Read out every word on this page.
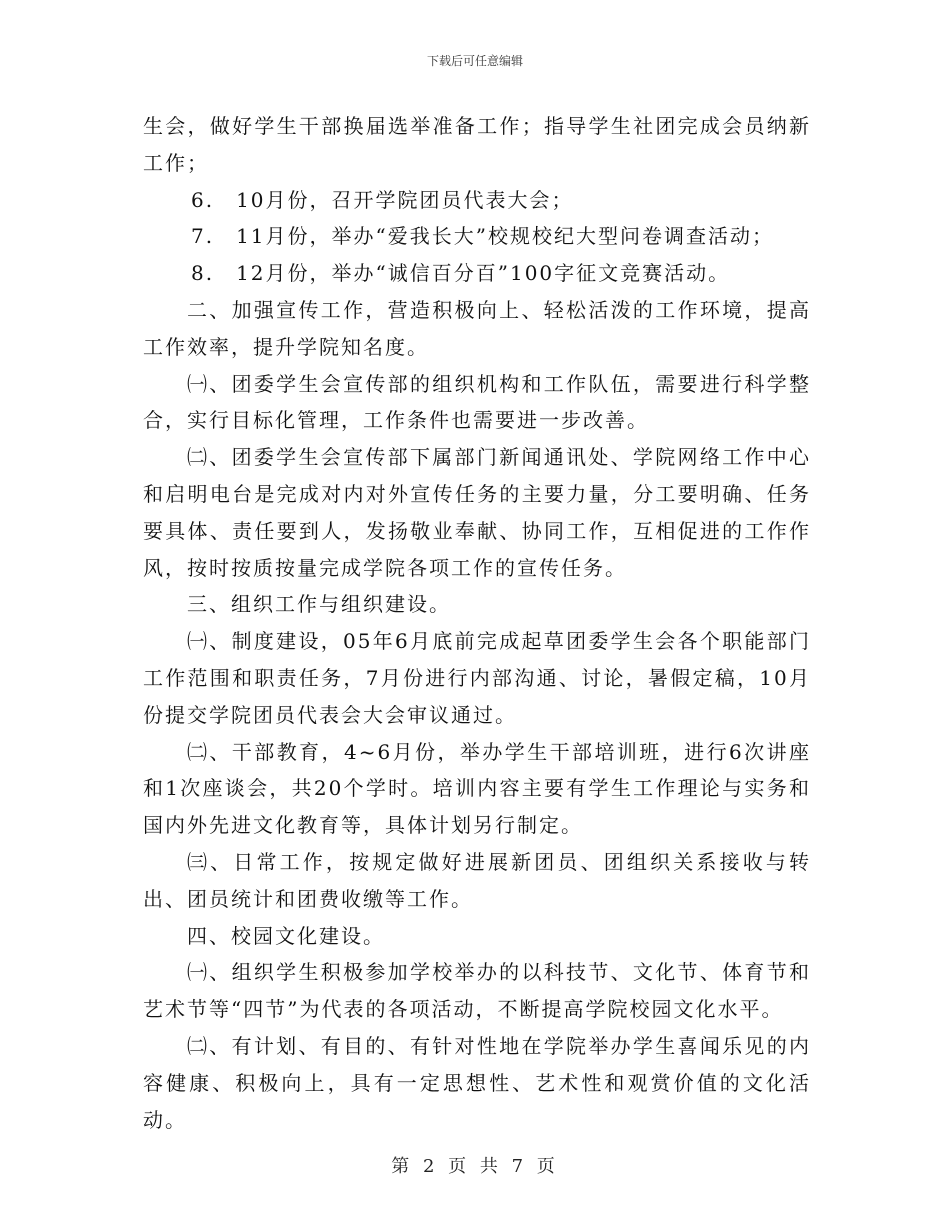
下载后可任意编辑

生会，做好学生干部换届选举准备工作；指导学生社团完成会员纳新工作；

6.　10月份，召开学院团员代表大会；

7.　11月份，举办“爱我长大”校规校纪大型问卷调查活动；

8.　12月份，举办“诚信百分百”100字征文竞赛活动。

二、加强宣传工作，营造积极向上、轻松活泼的工作环境，提高工作效率，提升学院知名度。

㈠、团委学生会宣传部的组织机构和工作队伍，需要进行科学整合，实行目标化管理，工作条件也需要进一步改善。

㈡、团委学生会宣传部下属部门新闻通讯处、学院网络工作中心和启明电台是完成对内对外宣传任务的主要力量，分工要明确、任务要具体、责任要到人，发扬敬业奉献、协同工作，互相促进的工作作风，按时按质按量完成学院各项工作的宣传任务。

三、组织工作与组织建设。

㈠、制度建设，05年6月底前完成起草团委学生会各个职能部门工作范围和职责任务，7月份进行内部沟通、讨论，暑假定稿，10月份提交学院团员代表会大会审议通过。

㈡、干部教育，4~6月份，举办学生干部培训班，进行6次讲座和1次座谈会，共20个学时。培训内容主要有学生工作理论与实务和国内外先进文化教育等，具体计划另行制定。

㈢、日常工作，按规定做好进展新团员、团组织关系接收与转出、团员统计和团费收缴等工作。

四、校园文化建设。

㈠、组织学生积极参加学校举办的以科技节、文化节、体育节和艺术节等“四节”为代表的各项活动，不断提高学院校园文化水平。

㈡、有计划、有目的、有针对性地在学院举办学生喜闻乐见的内容健康、积极向上，具有一定思想性、艺术性和观赏价值的文化活动。

第 2 页 共 7 页
